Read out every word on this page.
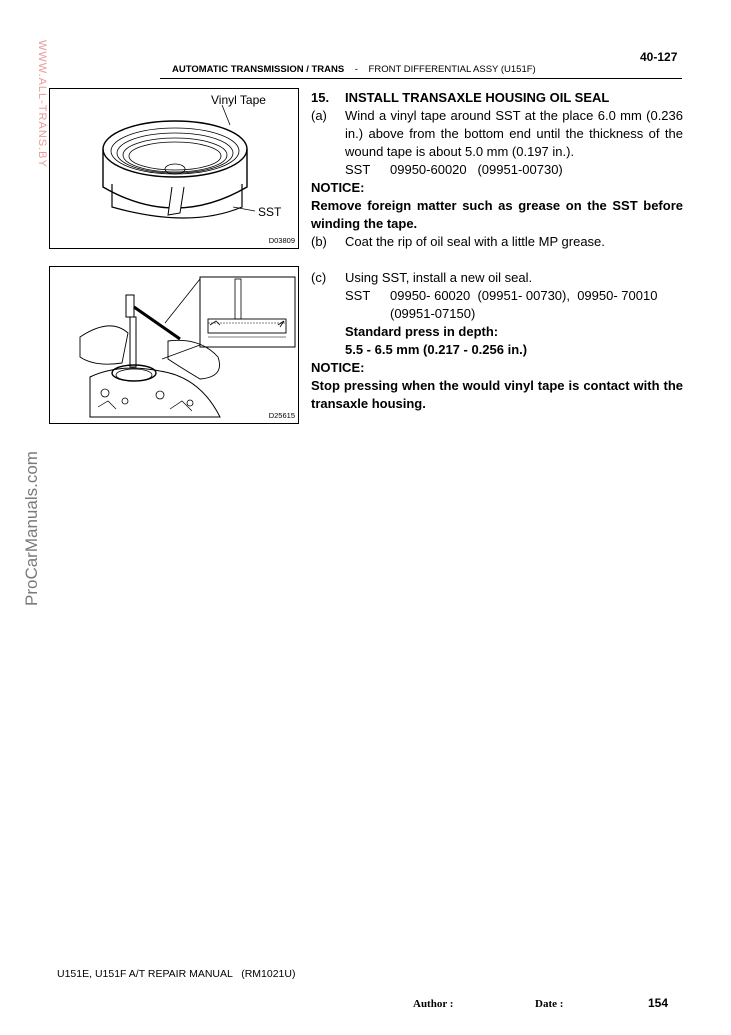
40-127
AUTOMATIC TRANSMISSION / TRANS - FRONT DIFFERENTIAL ASSY (U151F)
WWW.ALL-TRANS.BY
ProCarManuals.com
Vinyl Tape
SST
D03809
D25615
15.	INSTALL TRANSAXLE HOUSING OIL SEAL
(a)	Wind a vinyl tape around SST at the place 6.0 mm (0.236 in.) above from the bottom end until the thickness of the wound tape is about 5.0 mm (0.197 in.).
SST 09950-60020   (09951-00730)
NOTICE:
Remove foreign matter such as grease on the SST before winding the tape.
(b)	Coat the rip of oil seal with a little MP grease.
(c)	Using SST, install a new oil seal.
SST 09950- 60020  (09951- 00730),  09950- 70010
(09951-07150)
Standard press in depth:
5.5 - 6.5 mm (0.217 - 0.256 in.)
NOTICE:
Stop pressing when the would vinyl tape is contact with the transaxle housing.
U151E, U151F A/T REPAIR MANUAL   (RM1021U)
Author :	Date :	154
